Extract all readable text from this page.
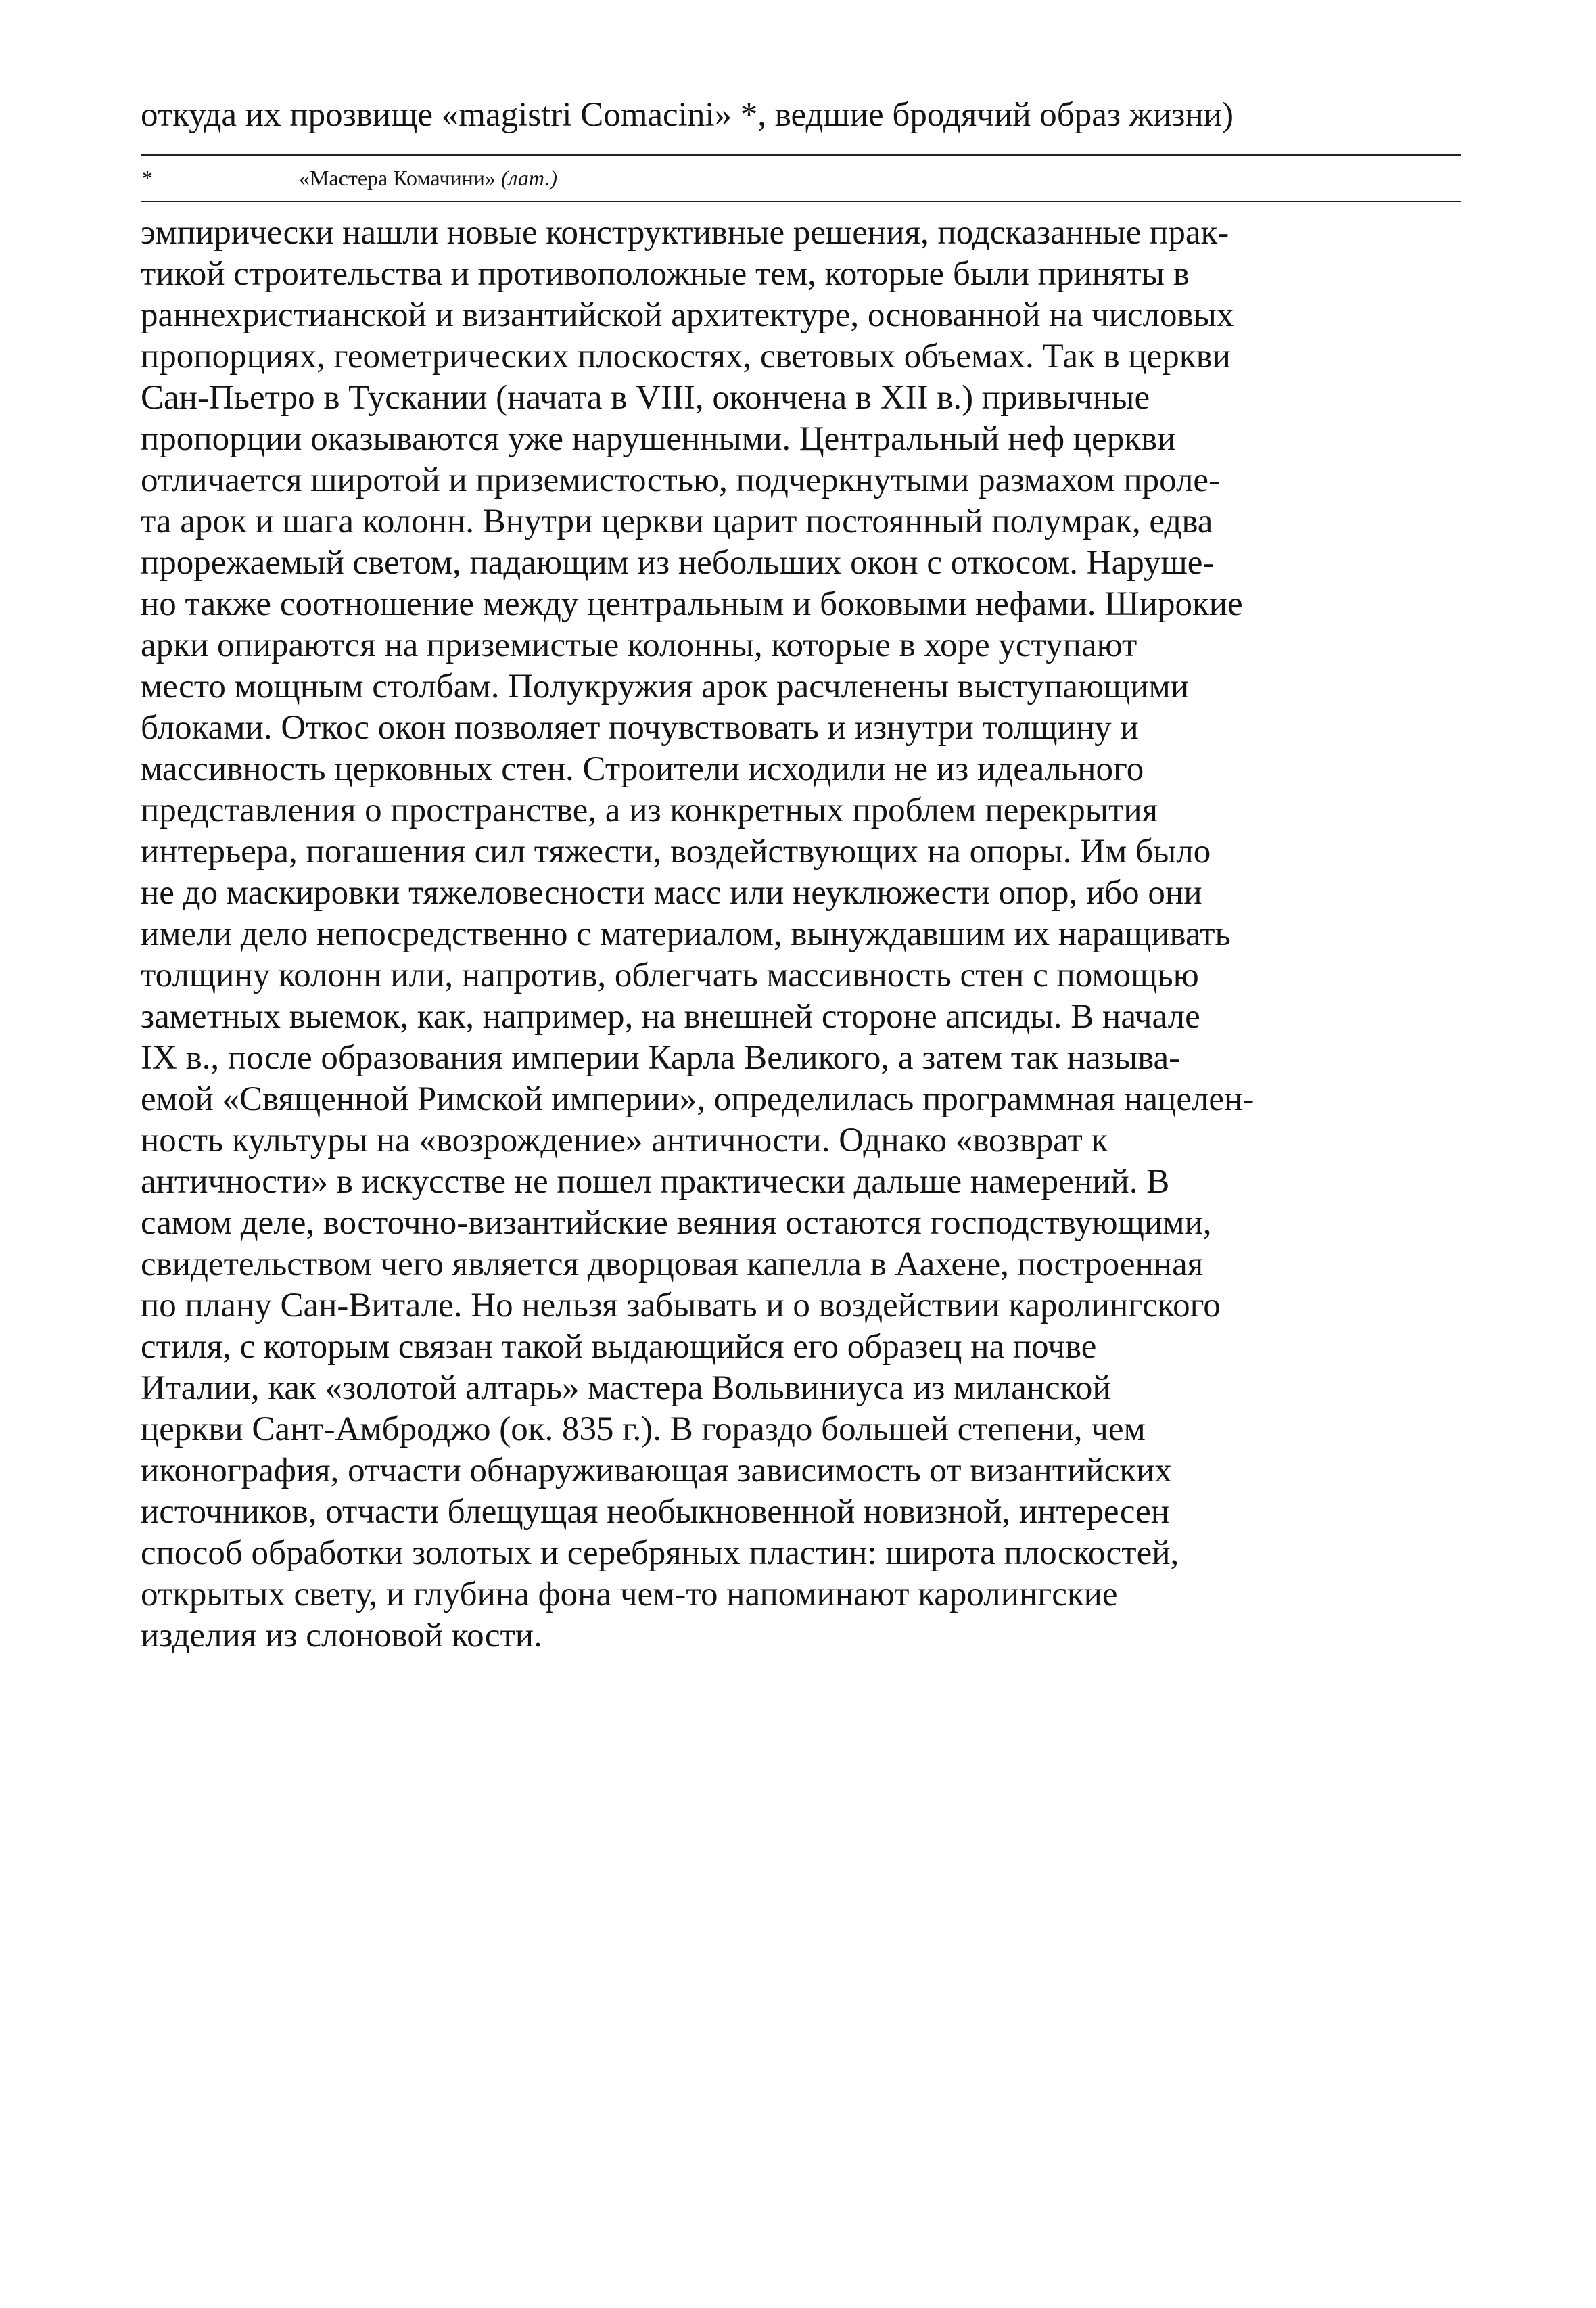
откуда их прозвище «magistri Comacini» *, ведшие бродячий образ жизни)
*	«Мастера Комачини» (лат.)
эмпирически нашли новые конструктивные решения, подсказанные прак-
тикой строительства и противоположные тем, которые были приняты в
раннехристианской и византийской архитектуре, основанной на числовых
пропорциях, геометрических плоскостях, световых объемах. Так в церкви
Сан-Пьетро в Тускании (начата в VIII, окончена в XII в.) привычные
пропорции оказываются уже нарушенными. Центральный неф церкви
отличается широтой и приземистостью, подчеркнутыми размахом проле-
та арок и шага колонн. Внутри церкви царит постоянный полумрак, едва
прорежаемый светом, падающим из небольших окон с откосом. Наруше-
но также соотношение между центральным и боковыми нефами. Широкие
арки опираются на приземистые колонны, которые в хоре уступают
место мощным столбам. Полукружия арок расчленены выступающими
блоками. Откос окон позволяет почувствовать и изнутри толщину и
массивность церковных стен. Строители исходили не из идеального
представления о пространстве, а из конкретных проблем перекрытия
интерьера, погашения сил тяжести, воздействующих на опоры. Им было
не до маскировки тяжеловесности масс или неуклюжести опор, ибо они
имели дело непосредственно с материалом, вынуждавшим их наращивать
толщину колонн или, напротив, облегчать массивность стен с помощью
заметных выемок, как, например, на внешней стороне апсиды. В начале
IX в., после образования империи Карла Великого, а затем так называ-
емой «Священной Римской империи», определилась программная нацелен-
ность культуры на «возрождение» античности. Однако «возврат к
античности» в искусстве не пошел практически дальше намерений. В
самом деле, восточно-византийские веяния остаются господствующими,
свидетельством чего является дворцовая капелла в Аахене, построенная
по плану Сан-Витале. Но нельзя забывать и о воздействии каролингского
стиля, с которым связан такой выдающийся его образец на почве
Италии, как «золотой алтарь» мастера Вольвиниуса из миланской
церкви Сант-Амброджо (ок. 835 г.). В гораздо большей степени, чем
иконография, отчасти обнаруживающая зависимость от византийских
источников, отчасти блещущая необыкновенной новизной, интересен
способ обработки золотых и серебряных пластин: широта плоскостей,
открытых свету, и глубина фона чем-то напоминают каролингские
изделия из слоновой кости.
